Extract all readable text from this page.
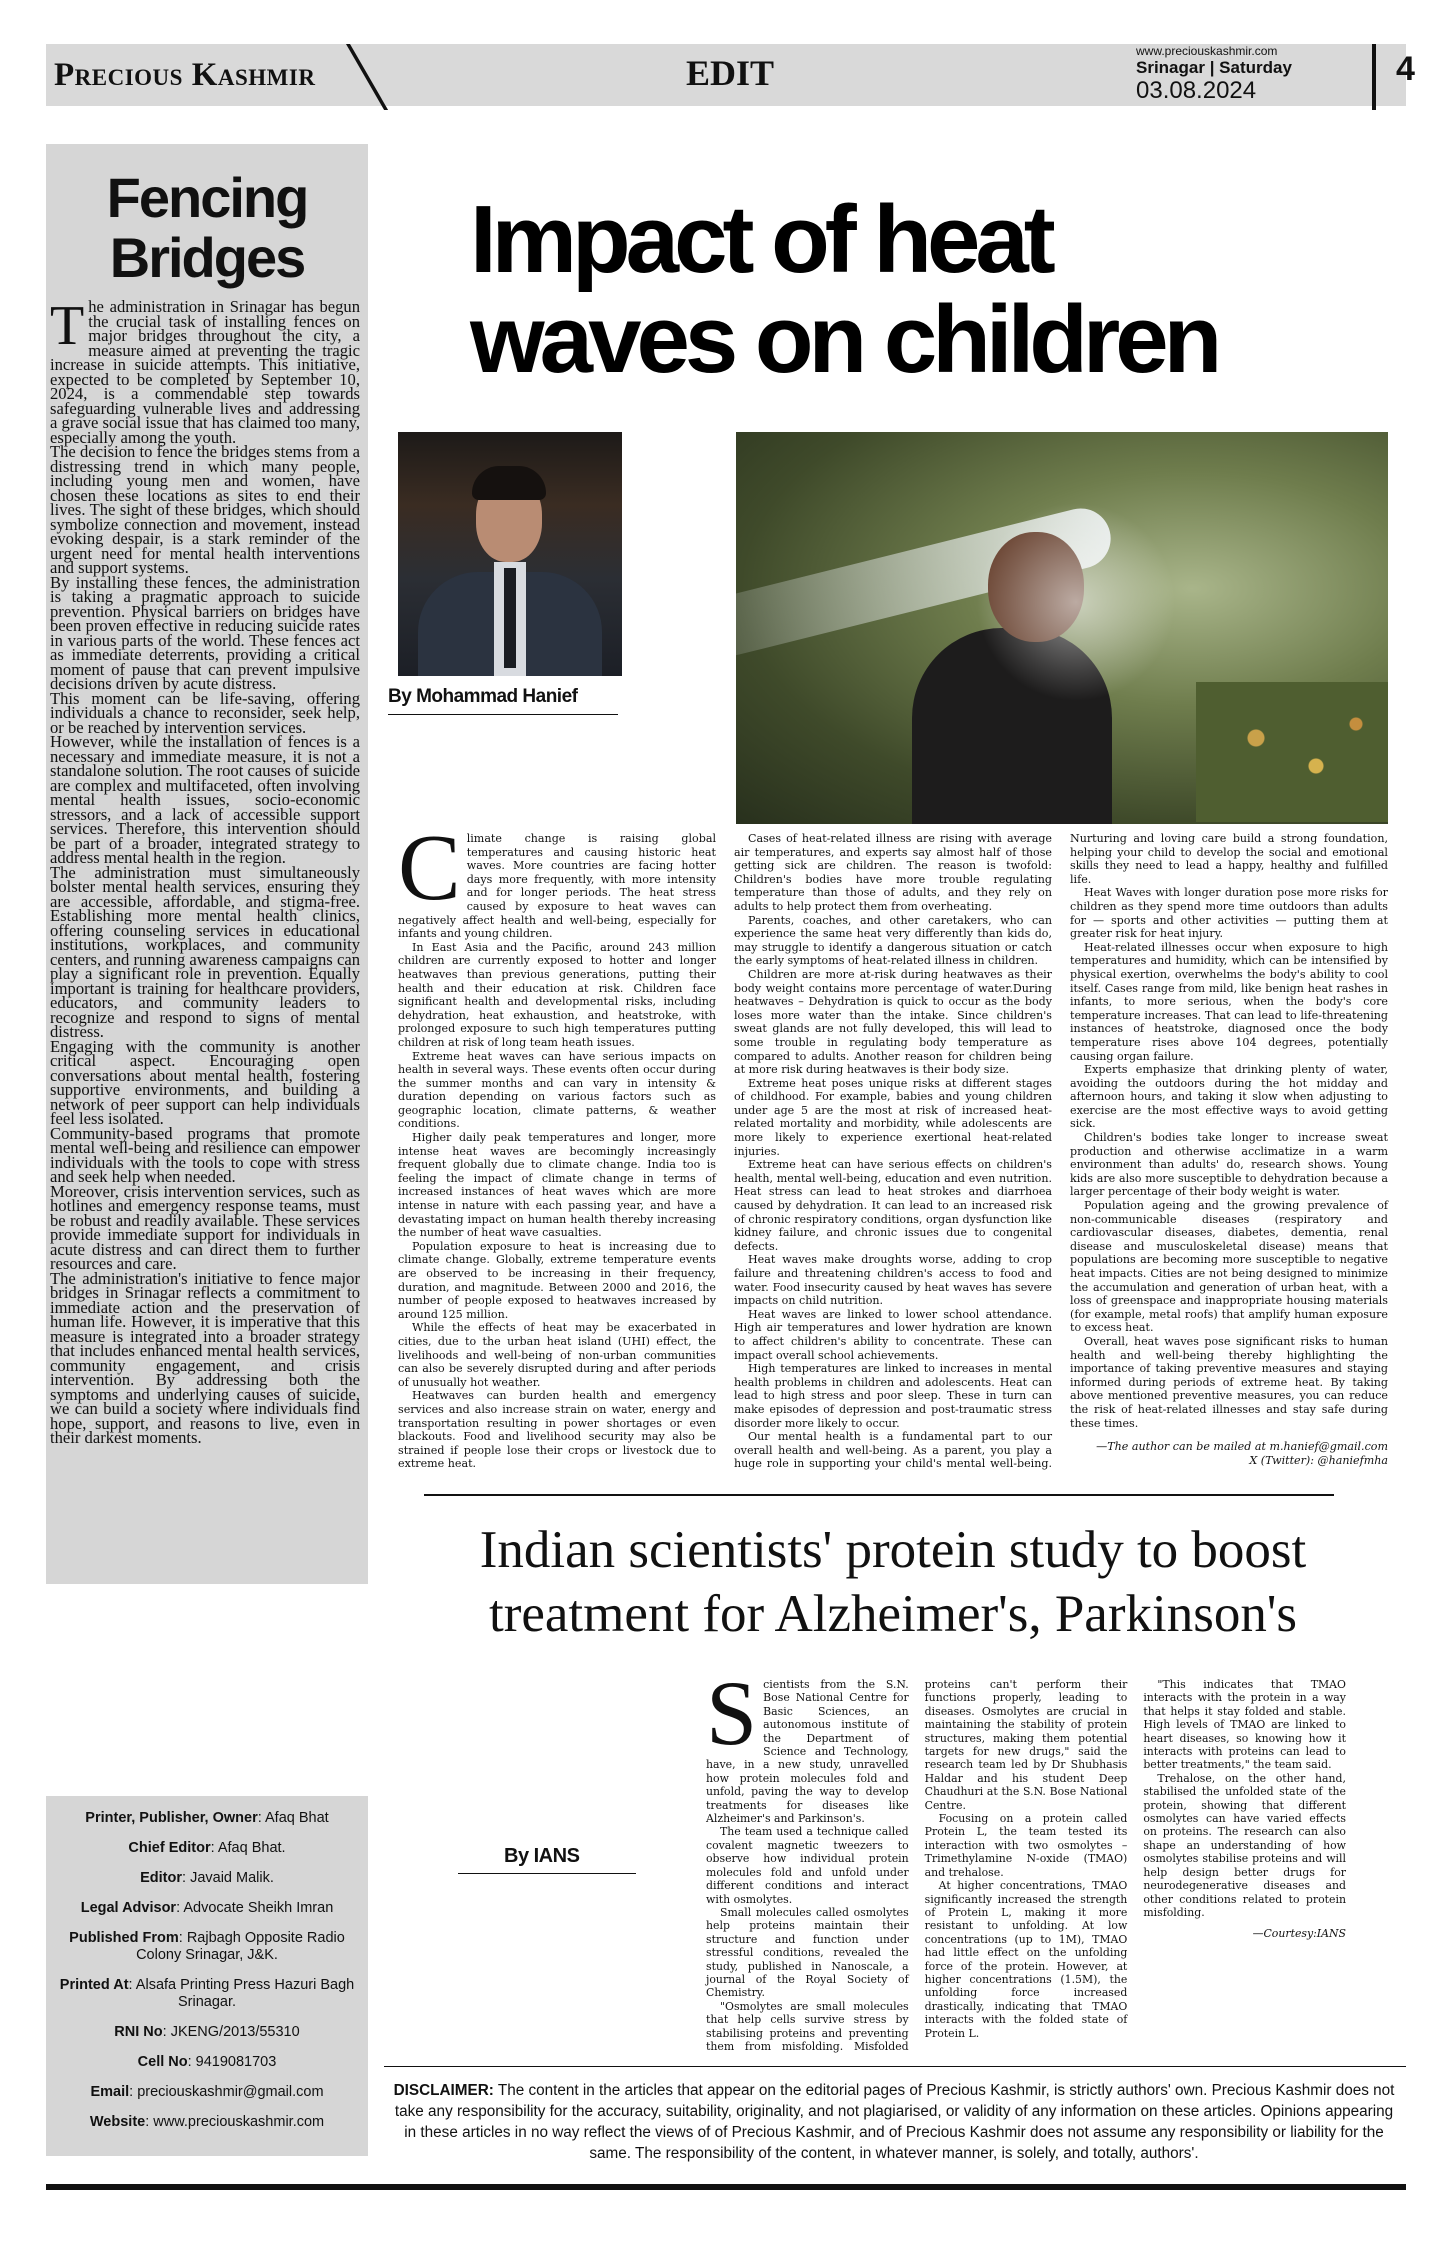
Precious Kashmir	EDIT
www.preciouskashmir.com
Srinagar | Saturday
03.08.2024
4
Fencing
Bridges
T he administration in Srinagar has begun the crucial task of installing fences on major bridges throughout the city, a measure aimed at preventing the tragic increase in suicide attempts. This initiative, expected to be completed by September 10, 2024, is a commendable step towards safeguarding vulnerable lives and addressing a grave social issue that has claimed too many, especially among the youth.

The decision to fence the bridges stems from a distressing trend in which many people, including young men and women, have chosen these locations as sites to end their lives. The sight of these bridges, which should symbolize connection and movement, instead evoking despair, is a stark reminder of the urgent need for mental health interventions and support systems.

By installing these fences, the administration is taking a pragmatic approach to suicide prevention. Physical barriers on bridges have been proven effective in reducing suicide rates in various parts of the world. These fences act as immediate deterrents, providing a critical moment of pause that can prevent impulsive decisions driven by acute distress.

This moment can be life-saving, offering individuals a chance to reconsider, seek help, or be reached by intervention services.

However, while the installation of fences is a necessary and immediate measure, it is not a standalone solution. The root causes of suicide are complex and multifaceted, often involving mental health issues, socio-economic stressors, and a lack of accessible support services. Therefore, this intervention should be part of a broader, integrated strategy to address mental health in the region.

The administration must simultaneously bolster mental health services, ensuring they are accessible, affordable, and stigma-free. Establishing more mental health clinics, offering counseling services in educational institutions, workplaces, and community centers, and running awareness campaigns can play a significant role in prevention. Equally important is training for healthcare providers, educators, and community leaders to recognize and respond to signs of mental distress.

Engaging with the community is another critical aspect. Encouraging open conversations about mental health, fostering supportive environments, and building a network of peer support can help individuals feel less isolated.

Community-based programs that promote mental well-being and resilience can empower individuals with the tools to cope with stress and seek help when needed.

Moreover, crisis intervention services, such as hotlines and emergency response teams, must be robust and readily available. These services provide immediate support for individuals in acute distress and can direct them to further resources and care.

The administration's initiative to fence major bridges in Srinagar reflects a commitment to immediate action and the preservation of human life. However, it is imperative that this measure is integrated into a broader strategy that includes enhanced mental health services, community engagement, and crisis intervention. By addressing both the symptoms and underlying causes of suicide, we can build a society where individuals find hope, support, and reasons to live, even in their darkest moments.

Impact of heat
waves on children
By Mohammad Hanief

Climate change is raising global temperatures and causing historic heat waves. More countries are facing hotter days more frequently, with more intensity and for longer periods. The heat stress caused by exposure to heat waves can negatively affect health and well-being, especially for infants and young children.

In East Asia and the Pacific, around 243 million children are currently exposed to hotter and longer heatwaves than previous generations, putting their health and their education at risk. Children face significant health and developmental risks, including dehydration, heat exhaustion, and heatstroke, with prolonged exposure to such high temperatures putting children at risk of long team heath issues.

Extreme heat waves can have serious impacts on health in several ways. These events often occur during the summer months and can vary in intensity & duration depending on various factors such as geographic location, climate patterns, & weather conditions.

Higher daily peak temperatures and longer, more intense heat waves are becomingly increasingly frequent globally due to climate change. India too is feeling the impact of climate change in terms of increased instances of heat waves which are more intense in nature with each passing year, and have a devastating impact on human health thereby increasing the number of heat wave casualties.

Population exposure to heat is increasing due to climate change. Globally, extreme temperature events are observed to be increasing in their frequency, duration, and magnitude. Between 2000 and 2016, the number of people exposed to heatwaves increased by around 125 million.

While the effects of heat may be exacerbated in cities, due to the urban heat island (UHI) effect, the livelihoods and well-being of non-urban communities can also be severely disrupted during and after periods of unusually hot weather.

Heatwaves can burden health and emergency services and also increase strain on water, energy and transportation resulting in power shortages or even blackouts. Food and livelihood security may also be strained if people lose their crops or livestock due to extreme heat.

Cases of heat-related illness are rising with average air temperatures, and experts say almost half of those getting sick are children. The reason is twofold: Children's bodies have more trouble regulating temperature than those of adults, and they rely on adults to help protect them from overheating.

Parents, coaches, and other caretakers, who can experience the same heat very differently than kids do, may struggle to identify a dangerous situation or catch the early symptoms of heat-related illness in children.

Children are more at-risk during heatwaves as their body weight contains more percentage of water.During heatwaves – Dehydration is quick to occur as the body loses more water than the intake. Since children's sweat glands are not fully developed, this will lead to some trouble in regulating body temperature as compared to adults. Another reason for children being at more risk during heatwaves is their body size.

Extreme heat poses unique risks at different stages of childhood. For example, babies and young children under age 5 are the most at risk of increased heat-related mortality and morbidity, while adolescents are more likely to experience exertional heat-related injuries.

Extreme heat can have serious effects on children's health, mental well-being, education and even nutrition. Heat stress can lead to heat strokes and diarrhoea caused by dehydration. It can lead to an increased risk of chronic respiratory conditions, organ dysfunction like kidney failure, and chronic issues due to congenital defects.

Heat waves make droughts worse, adding to crop failure and threatening children's access to food and water. Food insecurity caused by heat waves has severe impacts on child nutrition.

Heat waves are linked to lower school attendance. High air temperatures and lower hydration are known to affect children's ability to concentrate. These can impact overall school achievements.

High temperatures are linked to increases in mental health problems in children and adolescents. Heat can lead to high stress and poor sleep. These in turn can make episodes of depression and post-traumatic stress disorder more likely to occur.

Our mental health is a fundamental part to our overall health and well-being. As a parent, you play a huge role in supporting your child's mental well-being. Nurturing and loving care build a strong foundation, helping your child to develop the social and emotional skills they need to lead a happy, healthy and fulfilled life.

Heat Waves with longer duration pose more risks for children as they spend more time outdoors than adults for — sports and other activities — putting them at greater risk for heat injury.

Heat-related illnesses occur when exposure to high temperatures and humidity, which can be intensified by physical exertion, overwhelms the body's ability to cool itself. Cases range from mild, like benign heat rashes in infants, to more serious, when the body's core temperature increases. That can lead to life-threatening instances of heatstroke, diagnosed once the body temperature rises above 104 degrees, potentially causing organ failure.

Experts emphasize that drinking plenty of water, avoiding the outdoors during the hot midday and afternoon hours, and taking it slow when adjusting to exercise are the most effective ways to avoid getting sick.

Children's bodies take longer to increase sweat production and otherwise acclimatize in a warm environment than adults' do, research shows. Young kids are also more susceptible to dehydration because a larger percentage of their body weight is water.

Population ageing and the growing prevalence of non-communicable diseases (respiratory and cardiovascular diseases, diabetes, dementia, renal disease and musculoskeletal disease) means that populations are becoming more susceptible to negative heat impacts. Cities are not being designed to minimize the accumulation and generation of urban heat, with a loss of greenspace and inappropriate housing materials (for example, metal roofs) that amplify human exposure to excess heat.

Overall, heat waves pose significant risks to human health and well-being thereby highlighting the importance of taking preventive measures and staying informed during periods of extreme heat. By taking above mentioned preventive measures, you can reduce the risk of heat-related illnesses and stay safe during these times.

—The author can be mailed at m.hanief@gmail.com
X (Twitter): @haniefmha

Indian scientists' protein study to boost
treatment for Alzheimer's, Parkinson's
By IANS

Scientists from the S.N. Bose National Centre for Basic Sciences, an autonomous institute of the Department of Science and Technology, have, in a new study, unravelled how protein molecules fold and unfold, paving the way to develop treatments for diseases like Alzheimer's and Parkinson's.

The team used a technique called covalent magnetic tweezers to observe how individual protein molecules fold and unfold under different conditions and interact with osmolytes.

Small molecules called osmolytes help proteins maintain their structure and function under stressful conditions, revealed the study, published in Nanoscale, a journal of the Royal Society of Chemistry.

"Osmolytes are small molecules that help cells survive stress by stabilising proteins and preventing them from misfolding. Misfolded proteins can't perform their functions properly, leading to diseases. Osmolytes are crucial in maintaining the stability of protein structures, making them potential targets for new drugs," said the research team led by Dr Shubhasis Haldar and his student Deep Chaudhuri at the S.N. Bose National Centre.

Focusing on a protein called Protein L, the team tested its interaction with two osmolytes – Trimethylamine N-oxide (TMAO) and trehalose.

At higher concentrations, TMAO significantly increased the strength of Protein L, making it more resistant to unfolding. At low concentrations (up to 1M), TMAO had little effect on the unfolding force of the protein. However, at higher concentrations (1.5M), the unfolding force increased drastically, indicating that TMAO interacts with the folded state of Protein L.

"This indicates that TMAO interacts with the protein in a way that helps it stay folded and stable. High levels of TMAO are linked to heart diseases, so knowing how it interacts with proteins can lead to better treatments," the team said.

Trehalose, on the other hand, stabilised the unfolded state of the protein, showing that different osmolytes can have varied effects on proteins. The research can also shape an understanding of how osmolytes stabilise proteins and will help design better drugs for neurodegenerative diseases and other conditions related to protein misfolding.

—Courtesy:IANS

Printer, Publisher, Owner: Afaq Bhat
Chief Editor: Afaq Bhat.
Editor: Javaid Malik.
Legal Advisor: Advocate Sheikh Imran
Published From: Rajbagh Opposite Radio Colony Srinagar, J&K.
Printed At: Alsafa Printing Press Hazuri Bagh Srinagar.
RNI No: JKENG/2013/55310
Cell No: 9419081703
Email: preciouskashmir@gmail.com
Website: www.preciouskashmir.com
DISCLAIMER: The content in the articles that appear on the editorial pages of Precious Kashmir, is strictly authors' own. Precious Kashmir does not take any responsibility for the accuracy, suitability, originality, and not plagiarised, or validity of any information on these articles. Opinions appearing in these articles in no way reflect the views of of Precious Kashmir, and of Precious Kashmir does not assume any responsibility or liability for the same. The responsibility of the content, in whatever manner, is solely, and totally, authors'.
